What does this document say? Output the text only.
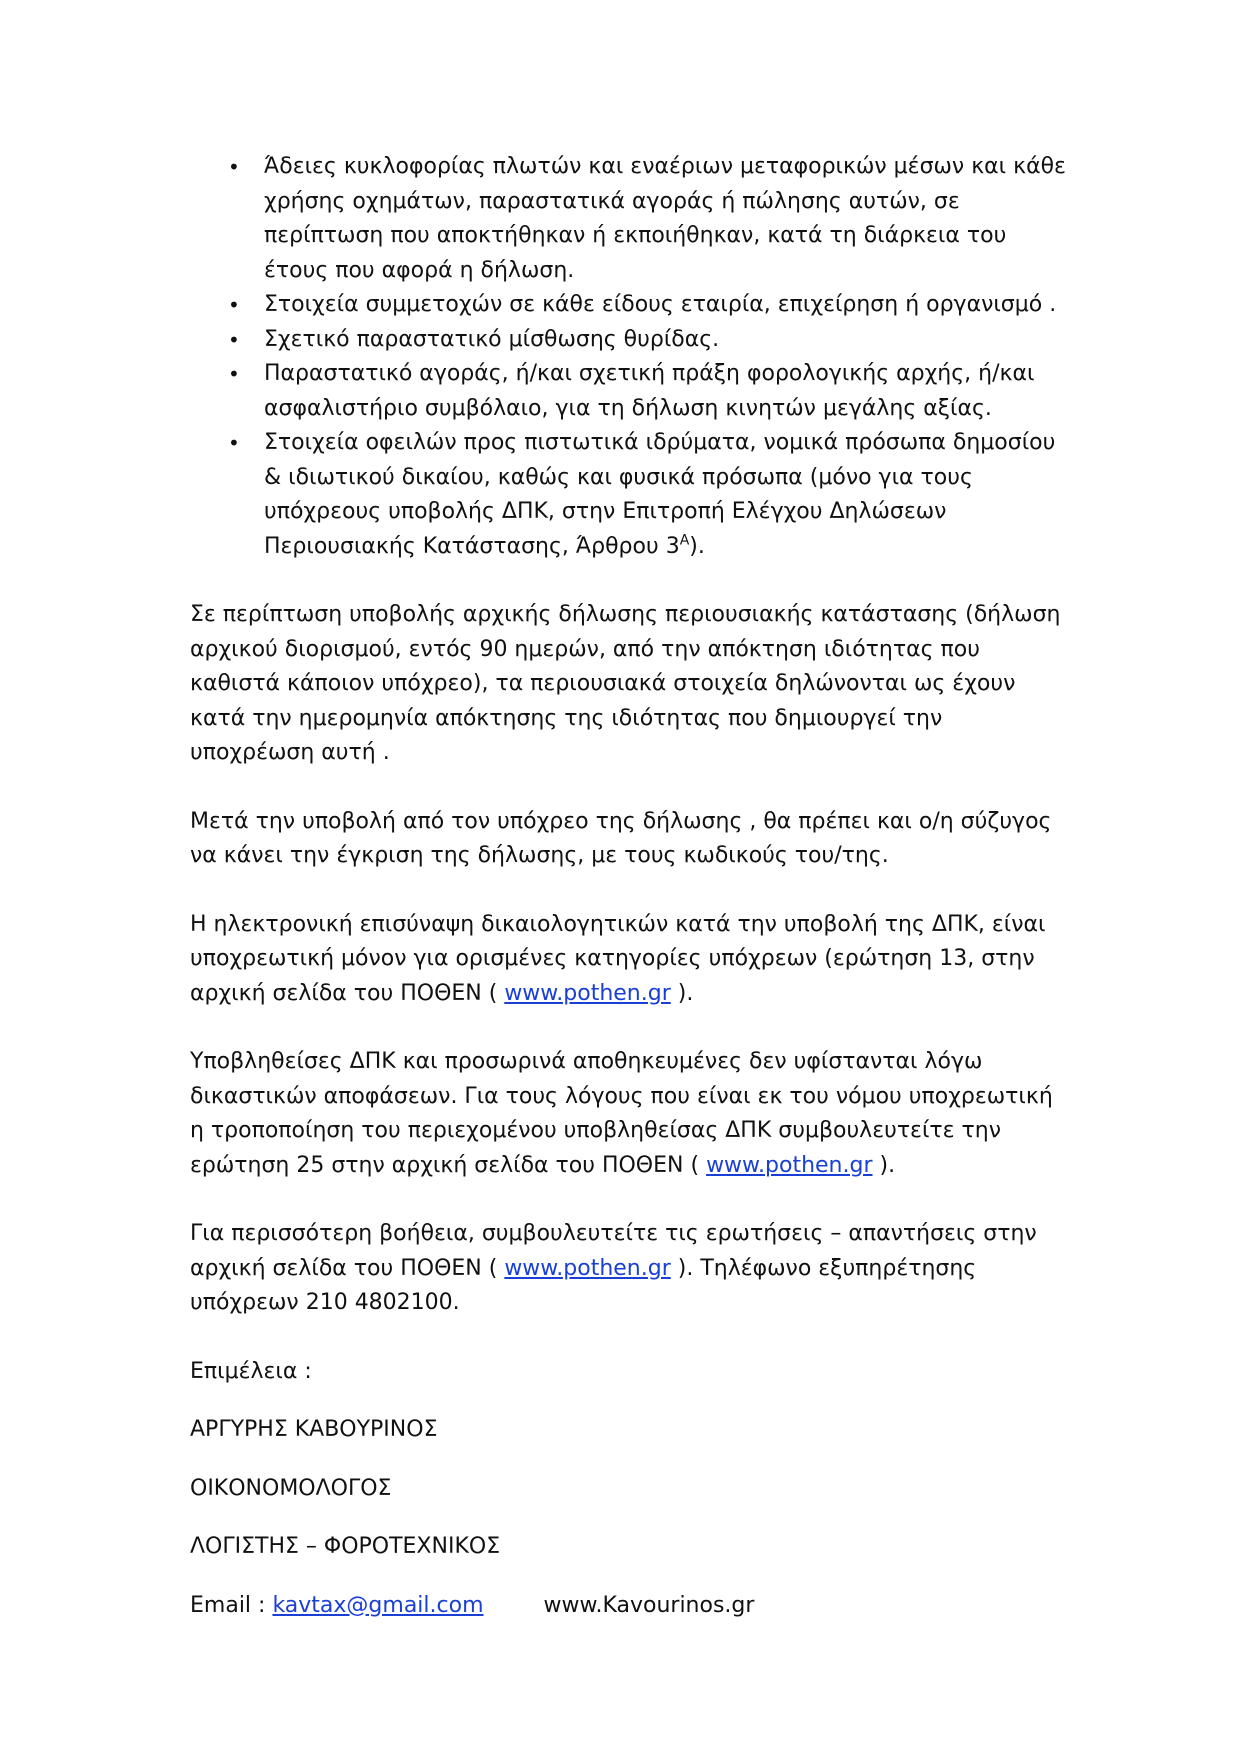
• Άδειες κυκλοφορίας πλωτών και εναέριων μεταφορικών μέσων και κάθε χρήσης οχημάτων, παραστατικά αγοράς ή πώλησης αυτών, σε περίπτωση που αποκτήθηκαν ή εκποιήθηκαν, κατά τη διάρκεια του έτους που αφορά η δήλωση.
• Στοιχεία συμμετοχών σε κάθε είδους εταιρία, επιχείρηση ή οργανισμό .
• Σχετικό παραστατικό μίσθωσης θυρίδας.
• Παραστατικό αγοράς, ή/και σχετική πράξη φορολογικής αρχής, ή/και ασφαλιστήριο συμβόλαιο, για τη δήλωση κινητών μεγάλης αξίας.
• Στοιχεία οφειλών προς πιστωτικά ιδρύματα, νομικά πρόσωπα δημοσίου & ιδιωτικού δικαίου, καθώς και φυσικά πρόσωπα (μόνο για τους υπόχρεους υποβολής ΔΠΚ, στην Επιτροπή Ελέγχου Δηλώσεων Περιουσιακής Κατάστασης, Άρθρου $3^A$).

Σε περίπτωση υποβολής αρχικής δήλωσης περιουσιακής κατάστασης (δήλωση αρχικού διορισμού, εντός 90 ημερών, από την απόκτηση ιδιότητας που καθιστά κάποιον υπόχρεο), τα περιουσιακά στοιχεία δηλώνονται ως έχουν κατά την ημερομηνία απόκτησης της ιδιότητας που δημιουργεί την υποχρέωση αυτή .

Μετά την υποβολή από τον υπόχρεο της δήλωσης , θα πρέπει και ο/η σύζυγος να κάνει την έγκριση της δήλωσης, με τους κωδικούς του/της.

Η ηλεκτρονική επισύναψη δικαιολογητικών κατά την υποβολή της ΔΠΚ, είναι υποχρεωτική μόνον για ορισμένες κατηγορίες υπόχρεων (ερώτηση 13, στην αρχική σελίδα του ΠΟΘΕΝ ( www.pothen.gr ).

Υποβληθείσες ΔΠΚ και προσωρινά αποθηκευμένες δεν υφίστανται λόγω δικαστικών αποφάσεων. Για τους λόγους που είναι εκ του νόμου υποχρεωτική η τροποποίηση του περιεχομένου υποβληθείσας ΔΠΚ συμβουλευτείτε την ερώτηση 25 στην αρχική σελίδα του ΠΟΘΕΝ ( www.pothen.gr ).

Για περισσότερη βοήθεια, συμβουλευτείτε τις ερωτήσεις – απαντήσεις στην αρχική σελίδα του ΠΟΘΕΝ ( www.pothen.gr ). Τηλέφωνο εξυπηρέτησης υπόχρεων 210 4802100.

Επιμέλεια :

ΑΡΓΥΡΗΣ ΚΑΒΟΥΡΙΝΟΣ

ΟΙΚΟΝΟΜΟΛΟΓΟΣ

ΛΟΓΙΣΤΗΣ – ΦΟΡΟΤΕΧΝΙΚΟΣ

Email : kavtax@gmail.com	www.Kavourinos.gr
